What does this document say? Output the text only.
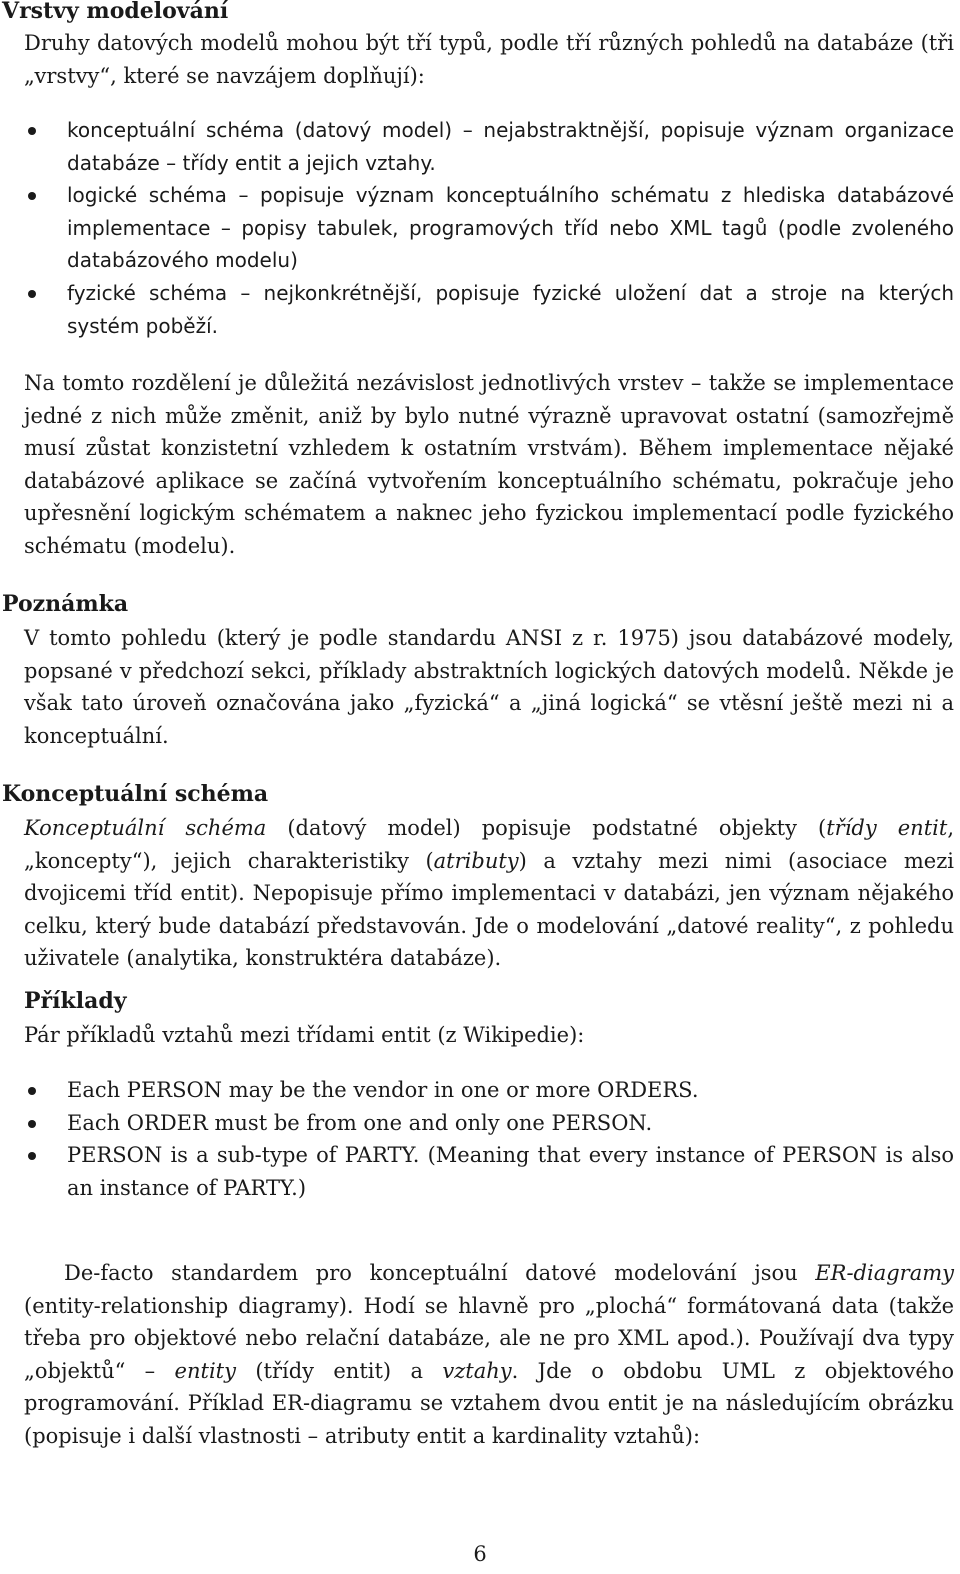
Vrstvy modelování

Druhy datových modelů mohou být tří typů, podle tří různých pohledů na databáze (tři „vrstvy“, které se navzájem doplňují):

konceptuální schéma (datový model) – nejabstraktnější, popisuje význam organizace databáze – třídy entit a jejich vztahy.
logické schéma – popisuje význam konceptuálního schématu z hlediska databázové implementace – popisy tabulek, programových tříd nebo XML tagů (podle zvoleného databázového modelu)
fyzické schéma – nejkonkrétnější, popisuje fyzické uložení dat a stroje na kterých systém poběží.

Na tomto rozdělení je důležitá nezávislost jednotlivých vrstev – takže se implementace jedné z nich může změnit, aniž by bylo nutné výrazně upravovat ostatní (samozřejmě musí zůstat konzistetní vzhledem k ostatním vrstvám). Během implementace nějaké databázové aplikace se začíná vytvořením konceptuálního schématu, pokračuje jeho upřesnění logickým schématem a naknec jeho fyzickou implementací podle fyzického schématu (modelu).

Poznámka

V tomto pohledu (který je podle standardu ANSI z r. 1975) jsou databázové modely, popsané v předchozí sekci, příklady abstraktních logických datových modelů. Někde je však tato úroveň označována jako „fyzická“ a „jiná logická“ se vtěsní ještě mezi ni a konceptuální.

Konceptuální schéma

Konceptuální schéma (datový model) popisuje podstatné objekty (třídy entit, „koncepty“), jejich charakteristiky (atributy) a vztahy mezi nimi (asociace mezi dvojicemi tříd entit). Nepopisuje přímo implementaci v databázi, jen význam nějakého celku, který bude databází představován. Jde o modelování „datové reality“, z pohledu uživatele (analytika, konstruktéra databáze).

Příklady

Pár příkladů vztahů mezi třídami entit (z Wikipedie):

Each PERSON may be the vendor in one or more ORDERS.
Each ORDER must be from one and only one PERSON.
PERSON is a sub-type of PARTY. (Meaning that every instance of PERSON is also an instance of PARTY.)

De-facto standardem pro konceptuální datové modelování jsou ER-diagramy (entity-relationship diagramy). Hodí se hlavně pro „plochá“ formátovaná data (takže třeba pro objektové nebo relační databáze, ale ne pro XML apod.). Používají dva typy „objektů“ – entity (třídy entit) a vztahy. Jde o obdobu UML z objektového programování. Příklad ER-diagramu se vztahem dvou entit je na následujícím obrázku (popisuje i další vlastnosti – atributy entit a kardinality vztahů):

6
